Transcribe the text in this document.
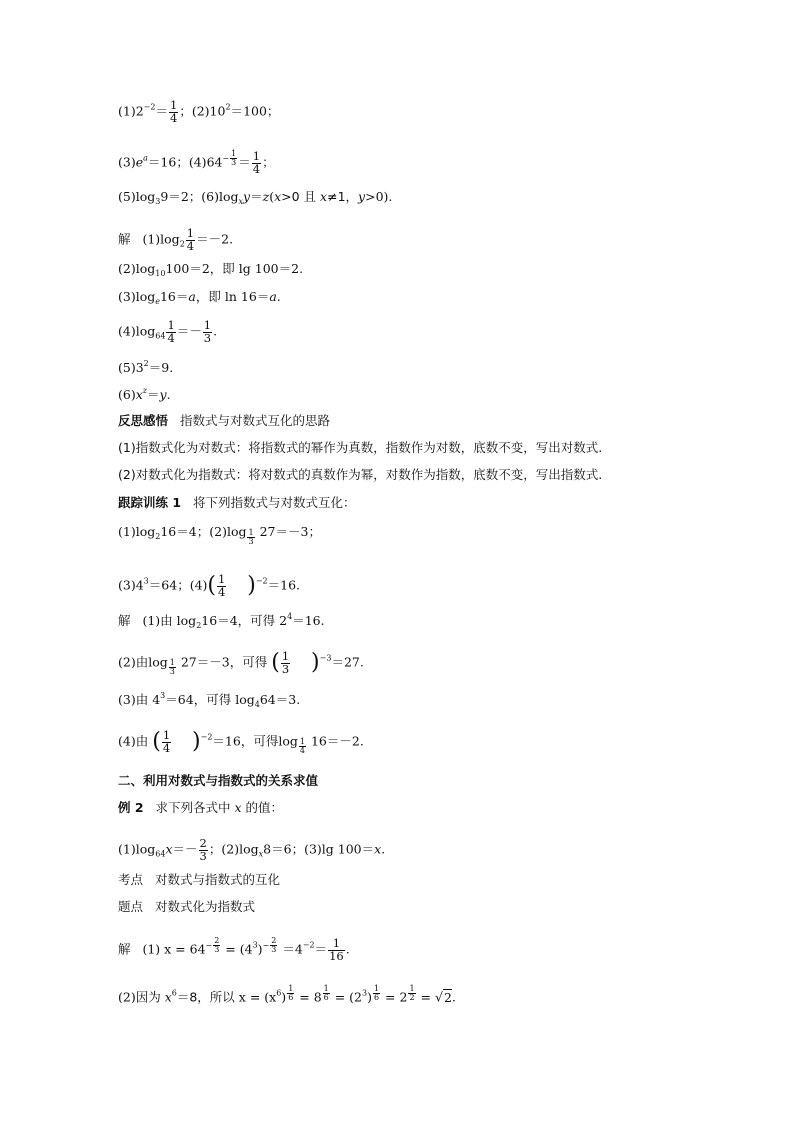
$(1)2^{-2}= \frac{1}{4}$ ；$(2)10^2=100$；
$(3)e^a=16$；$(4)64^{- \frac{1}{3}} = \frac{1}{4}$ ；
$(5)\log_39=2$；$(6)\log_xy=z(x>0$ 且 x≠1，y>0).
解 $(1)\log_2 \frac{1}{4} =-2$.
$(2)\log_{10}100=2$，即 lg 100＝2.
$(3)\log_e16=a$，即 ln 16＝a.
$(4)\log_{64} \frac{1}{4} =- \frac{1}{3}$ .
$(5)3^2=9$.
$(6)x^z=y$.
反思感悟 指数式与对数式互化的思路
(1)指数式化为对数式：将指数式的幂作为真数，指数作为对数，底数不变，写出对数式.
(2)对数式化为指数式：将对数式的真数作为幂，对数作为指数，底数不变，写出指数式.
跟踪训练 1 将下列指数式与对数式互化：
$(1)\log_216=4$；(2)log $_{\frac{1}{3}}$ 27＝－3；
$(3)4^3=64$；$(4)( \frac{1}{4} )^{-2}=16$.
解 (1)由 $\log_216=4$，可得 $2^4=16$.
(2)由log $_{\frac{1}{3}}$ 27＝－3，可得 ( $\frac{1}{3} )^{-3}=27$.
(3)由 $4^3=64$，可得 $\log_464=3$.
(4)由 ( $\frac{1}{4} )^{-2}=16$，可得log $_{\frac{1}{4}}$ 16＝－2.
二、利用对数式与指数式的关系求值
例 2 求下列各式中 x 的值：
$(1)\log_{64}x=- \frac{2}{3}$ ；$(2)\log_x8=6$；(3)lg 100＝x.
考点 对数式与指数式的互化
题点 对数式化为指数式
解 (1) $x = 64^{- \frac{2}{3}} = (4^3)^{- \frac{2}{3}} =4^{-2}= \frac{1}{16}$ .
(2)因为 $x^6=8$，所以 $x = (x^6) ^{\frac{1}{6}} = 8$ $^{\frac{1}{6}} = (2^3) ^{\frac{1}{6}} = 2$ $^{\frac{1}{2}}$ = √2.
